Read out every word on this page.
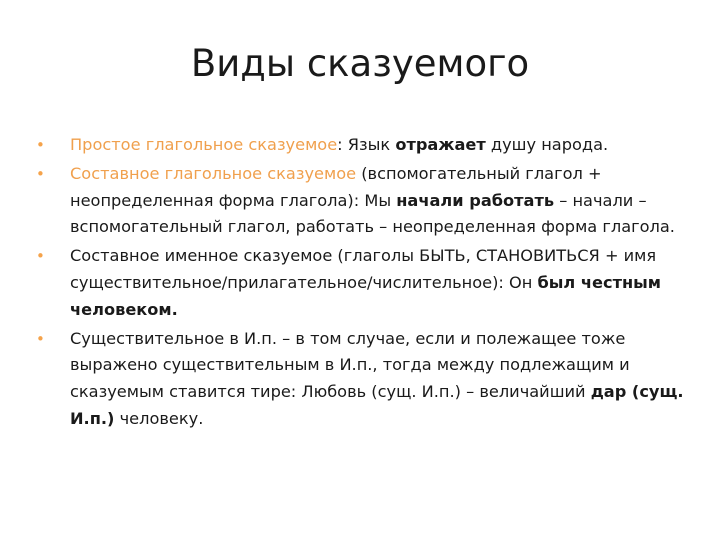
Виды сказуемого
• Простое глагольное сказуемое: Язык отражает душу народа.
• Составное глагольное сказуемое (вспомогательный глагол + неопределенная форма глагола): Мы начали работать – начали – вспомогательный глагол, работать – неопределенная форма глагола.
• Составное именное сказуемое (глаголы БЫТЬ, СТАНОВИТЬСЯ + имя существительное/прилагательное/числительное): Он был честным человеком.
• Существительное в И.п. – в том случае, если и полежащее тоже выражено существительным в И.п., тогда между подлежащим и сказуемым ставится тире: Любовь (сущ. И.п.) – величайший дар (сущ. И.п.) человеку.
